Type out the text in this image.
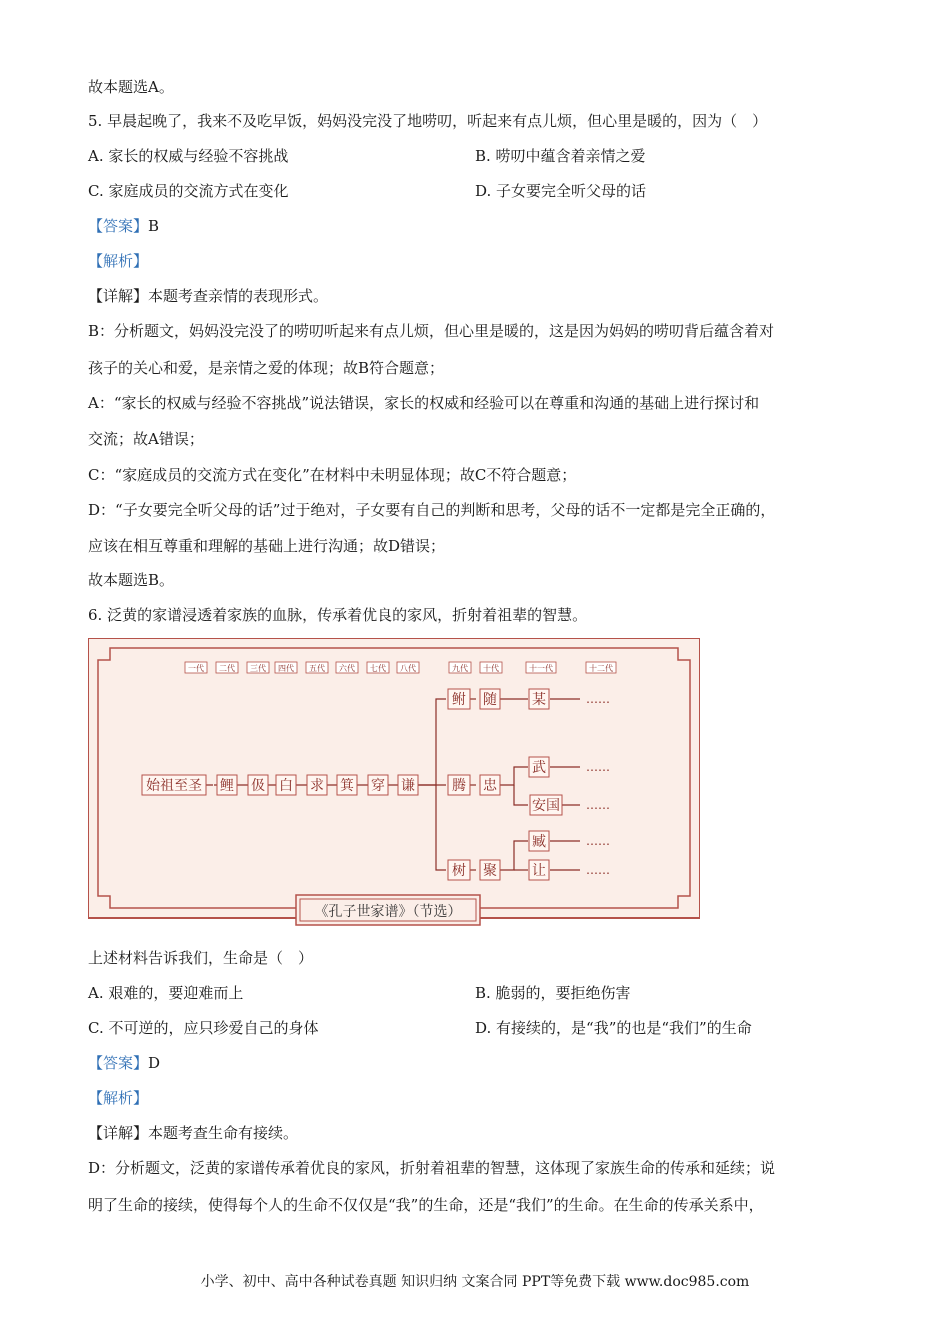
故本题选A。
5. 早晨起晚了，我来不及吃早饭，妈妈没完没了地唠叨，听起来有点儿烦，但心里是暖的，因为（　）
A. 家长的权威与经验不容挑战	B. 唠叨中蕴含着亲情之爱
C. 家庭成员的交流方式在变化	D. 子女要完全听父母的话
【答案】B
【解析】
【详解】本题考查亲情的表现形式。
B：分析题文，妈妈没完没了的唠叨听起来有点儿烦，但心里是暖的，这是因为妈妈的唠叨背后蕴含着对
孩子的关心和爱，是亲情之爱的体现；故B符合题意；
A：“家长的权威与经验不容挑战”说法错误，家长的权威和经验可以在尊重和沟通的基础上进行探讨和
交流；故A错误；
C：“家庭成员的交流方式在变化”在材料中未明显体现；故C不符合题意；
D：“子女要完全听父母的话”过于绝对，子女要有自己的判断和思考，父母的话不一定都是完全正确的，
应该在相互尊重和理解的基础上进行沟通；故D错误；
故本题选B。
6. 泛黄的家谱浸透着家族的血脉，传承着优良的家风，折射着祖辈的智慧。
一代 二代 三代 四代 五代 六代 七代 八代	九代 十代	十一代	十二代
始祖至圣 鲤 伋 白 求 箕 穿 谦
鲋 随	某	……
腾 忠
武
安国
……
……
树 聚
臧
让
……
……
《孔子世家谱》（节选）
上述材料告诉我们，生命是（　）
A. 艰难的，要迎难而上	B. 脆弱的，要拒绝伤害
C. 不可逆的，应只珍爱自己的身体	D. 有接续的，是“我”的也是“我们”的生命
【答案】D
【解析】
【详解】本题考查生命有接续。
D：分析题文，泛黄的家谱传承着优良的家风，折射着祖辈的智慧，这体现了家族生命的传承和延续；说
明了生命的接续，使得每个人的生命不仅仅是“我”的生命，还是“我们”的生命。在生命的传承关系中，
小学、初中、高中各种试卷真题 知识归纳 文案合同 PPT等免费下载 www.doc985.com
